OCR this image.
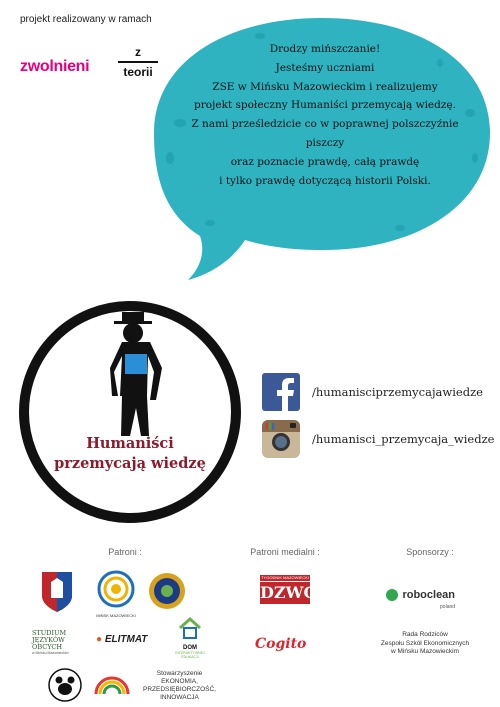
projekt realizowany w ramach
zwolnieni
z
teorii
Drodzy mińszczanie!
Jesteśmy uczniami
ZSE w Mińsku Mazowieckim i realizujemy
projekt społeczny Humaniści przemycają wiedzę.
Z nami prześledzicie co w poprawnej polszczyźnie piszczy
oraz poznacie prawdę, całą prawdę
i tylko prawdę dotyczącą historii Polski.
Humaniści
przemycają wiedzę
/humanisciprzemycajawiedze
/humanisci_przemycaja_wiedze
Patroni :	Patroni medialni :	Sponsorzy :
MIŃSK MAZOWIECKI
STUDIUM
JĘZYKÓW
OBCYCH
w Mińsku Mazowieckim
● ELITMAT
DOM
INTERAKTYWNEJ EDUKACJI
Stowarzyszenie
EKONOMIA,
PRZEDSIĘBIORCZOŚĆ,
INNOWACJA
TYGODNIK MAZOWIECKI
DZWON
Cogito
roboclean
poland
Rada Rodziców
Zespołu Szkół Ekonomicznych
w Mińsku Mazowieckim
